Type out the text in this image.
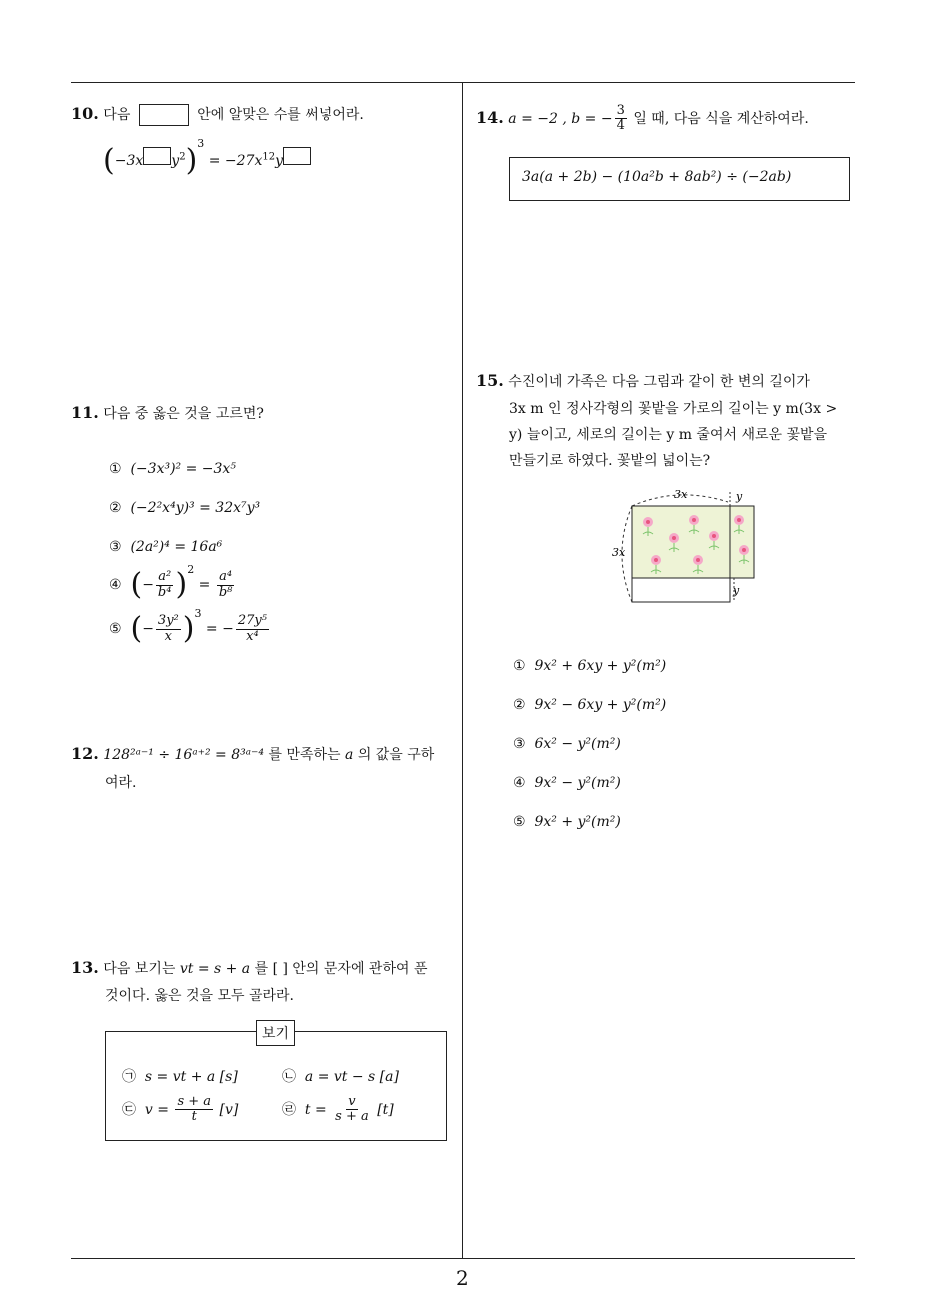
10. 다음	안에 알맞은 수를 써넣어라.
(−3x $y^2)^3 = -27x^{12}y$
11. 다음 중 옳은 것을 고르면?
① (−3x³)² = −3x⁵
② (−2²x⁴y)³ = 32x⁷y³
③ (2a²)⁴ = 16a⁶
④ (− $\frac{\text{a²}}{\text{b⁴}} )^2 = \frac{\text{a⁴}}{\text{b⁸}}$
⑤ (− $\frac{\text{3y²}}{x} )^3$ = − $\frac{\text{27y⁵}}{\text{x⁴}}$
12. 128²ᵃ⁻¹ ÷ 16ᵃ⁺² = 8³ᵃ⁻⁴ 를 만족하는 a 의 값을 구하
여라.
13. 다음 보기는 vt = s + a 를 [ ] 안의 문자에 관하여 푼
것이다. 옳은 것을 모두 골라라.
보기
㉠ s = vt + a [s]	㉡ a = vt − s [a]
㉢ $v = \frac{s + a}{t} [v]$	㉣ $t = \frac{v}{s + a} [t]$
14. a = −2 , b = − $\frac{3}{4}$ 일 때, 다음 식을 계산하여라.
3a(a + 2b) − (10a²b + 8ab²) ÷ (−2ab)
15. 수진이네 가족은 다음 그림과 같이 한 변의 길이가
3x m 인 정사각형의 꽃밭을 가로의 길이는 y m(3x >
y) 늘이고, 세로의 길이는 y m 줄여서 새로운 꽃밭을
만들기로 하였다. 꽃밭의 넓이는?
3x	y
3x
y
① 9x² + 6xy + y²(m²)
② 9x² − 6xy + y²(m²)
③ 6x² − y²(m²)
④ 9x² − y²(m²)
⑤ 9x² + y²(m²)
2
